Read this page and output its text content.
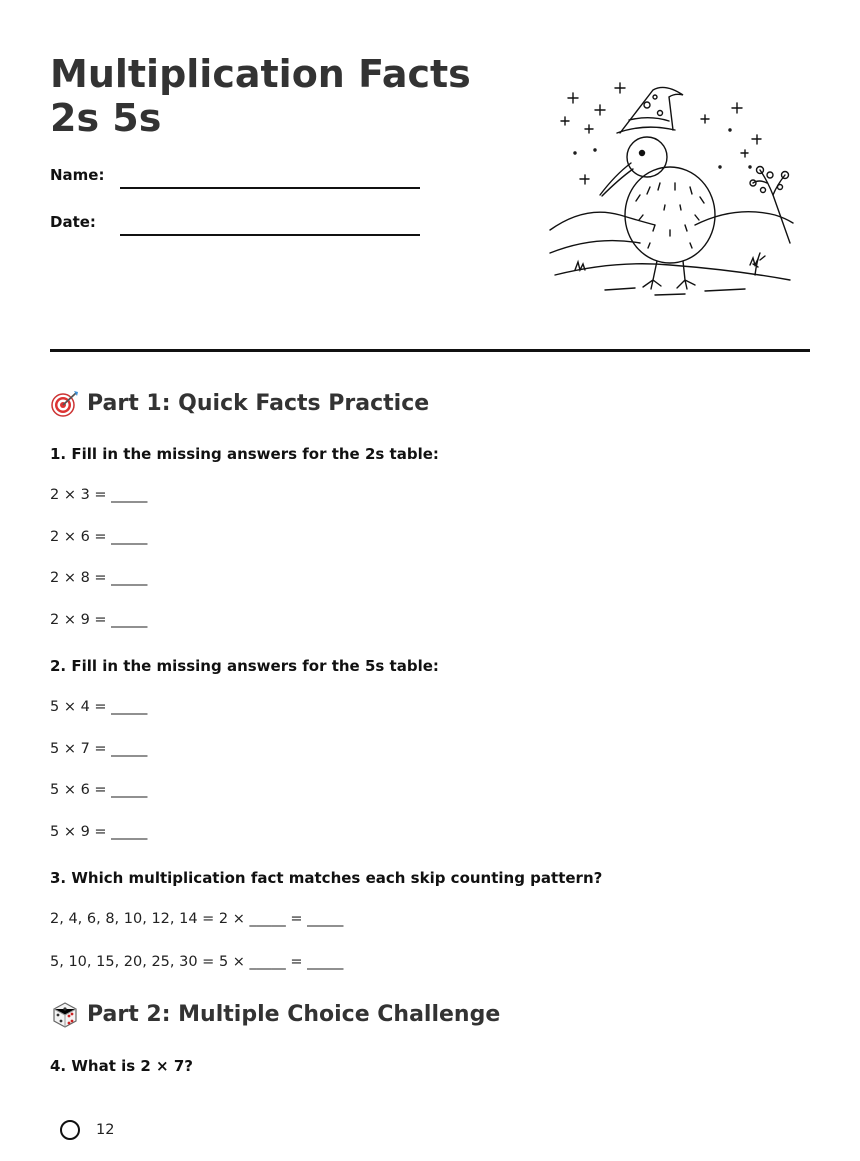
Multiplication Facts 2s 5s
Name:
Date:
Part 1: Quick Facts Practice

1. Fill in the missing answers for the 2s table:

2 × 3 = _____

2 × 6 = _____

2 × 8 = _____

2 × 9 = _____

2. Fill in the missing answers for the 5s table:

5 × 4 = _____

5 × 7 = _____

5 × 6 = _____

5 × 9 = _____

3. Which multiplication fact matches each skip counting pattern?

2, 4, 6, 8, 10, 12, 14 = 2 × _____ = _____

5, 10, 15, 20, 25, 30 = 5 × _____ = _____

Part 2: Multiple Choice Challenge

4. What is 2 × 7?

12
